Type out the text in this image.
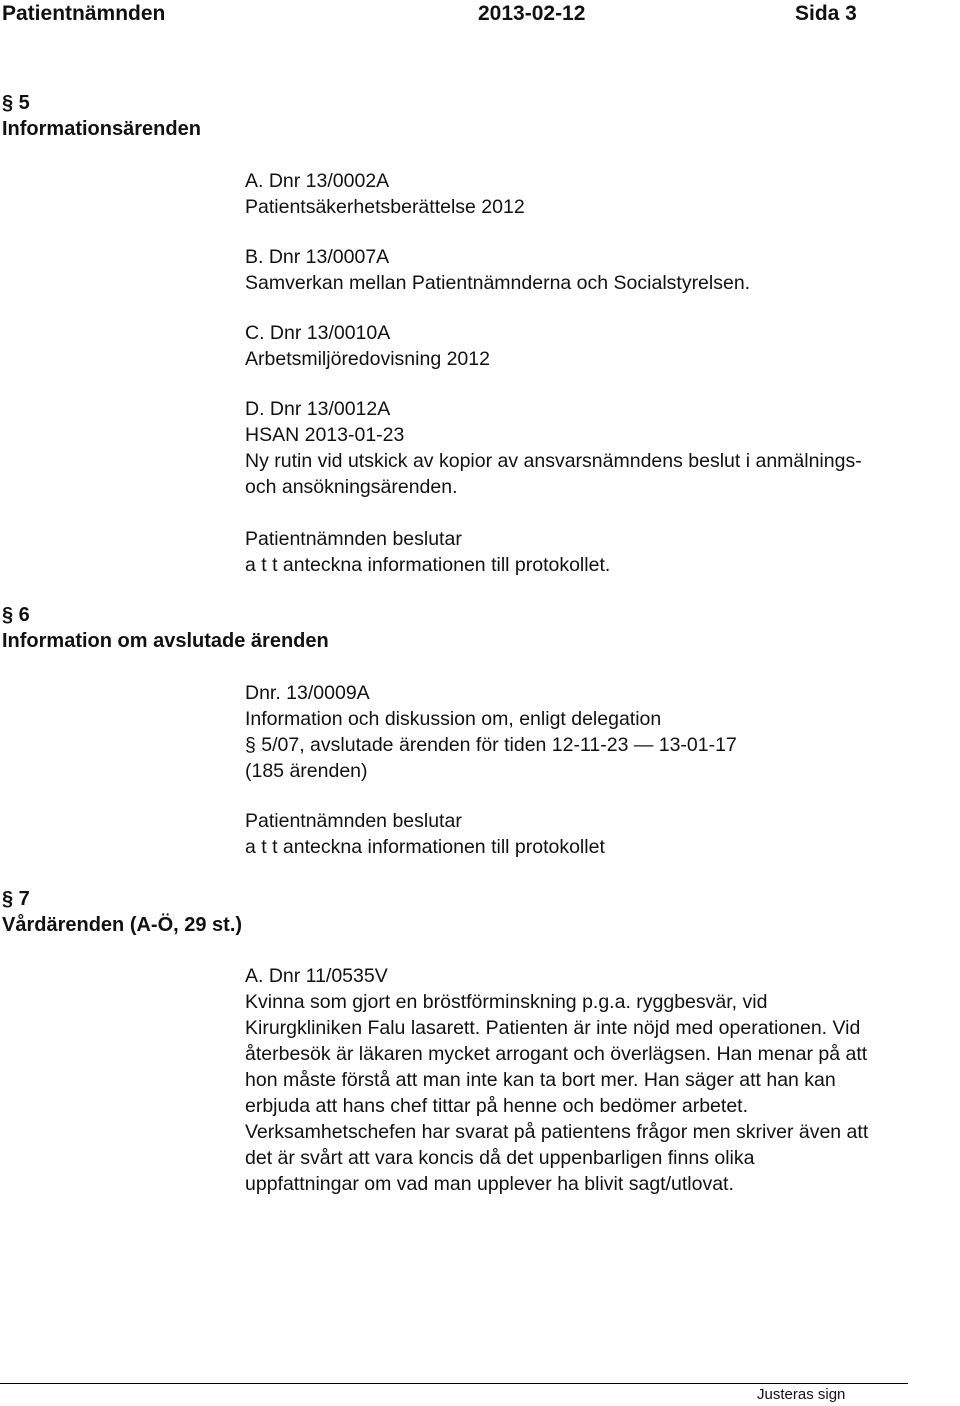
Patientnämnden	2013-02-12	Sida 3
§ 5
Informationsärenden
A. Dnr 13/0002A
Patientsäkerhetsberättelse 2012
B. Dnr 13/0007A
Samverkan mellan Patientnämnderna och Socialstyrelsen.
C. Dnr 13/0010A
Arbetsmiljöredovisning 2012
D. Dnr 13/0012A
HSAN 2013-01-23
Ny rutin vid utskick av kopior av ansvarsnämndens beslut i anmälnings-
och ansökningsärenden.
Patientnämnden beslutar
a t t anteckna informationen till protokollet.
§ 6
Information om avslutade ärenden
Dnr. 13/0009A
Information och diskussion om, enligt delegation
§ 5/07, avslutade ärenden för tiden 12-11-23 — 13-01-17
(185 ärenden)
Patientnämnden beslutar
a t t anteckna informationen till protokollet
§ 7
Vårdärenden (A-Ö, 29 st.)
A. Dnr 11/0535V
Kvinna som gjort en bröstförminskning p.g.a. ryggbesvär, vid
Kirurgkliniken Falu lasarett. Patienten är inte nöjd med operationen. Vid
återbesök är läkaren mycket arrogant och överlägsen. Han menar på att
hon måste förstå att man inte kan ta bort mer. Han säger att han kan
erbjuda att hans chef tittar på henne och bedömer arbetet.
Verksamhetschefen har svarat på patientens frågor men skriver även att
det är svårt att vara koncis då det uppenbarligen finns olika
uppfattningar om vad man upplever ha blivit sagt/utlovat.
Justeras sign
